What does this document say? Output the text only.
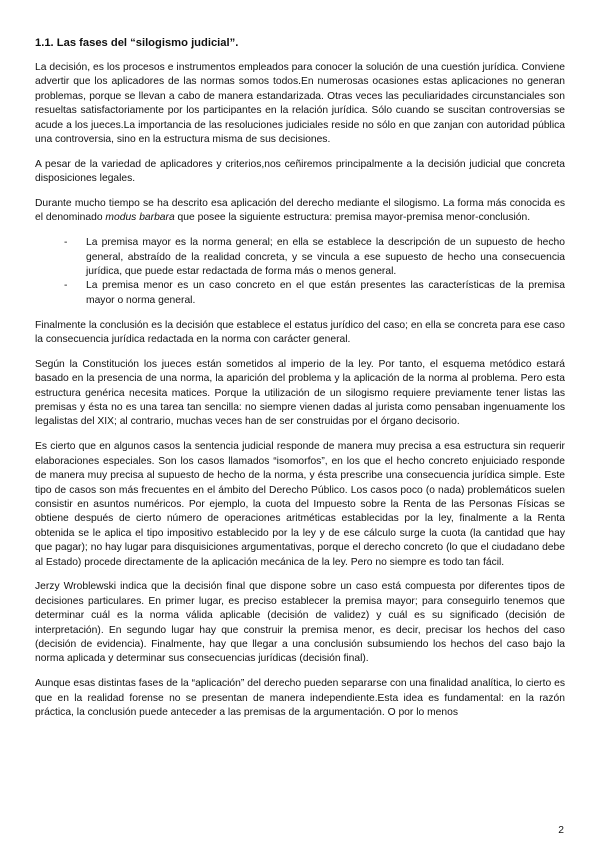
1.1. Las fases del “silogismo judicial”.

La decisión, es los procesos e instrumentos empleados para conocer la solución de una cuestión jurídica. Conviene advertir que los aplicadores de las normas somos todos.En numerosas ocasiones estas aplicaciones no generan problemas, porque se llevan a cabo de manera estandarizada. Otras veces las peculiaridades circunstanciales son resueltas satisfactoriamente por los participantes en la relación jurídica. Sólo cuando se suscitan controversias se acude a los jueces.La importancia de las resoluciones judiciales reside no sólo en que zanjan con autoridad pública una controversia, sino en la estructura misma de sus decisiones.

A pesar de la variedad de aplicadores y criterios,nos ceñiremos principalmente a la decisión judicial que concreta disposiciones legales.

Durante mucho tiempo se ha descrito esa aplicación del derecho mediante el silogismo. La forma más conocida es el denominado modus barbara que posee la siguiente estructura: premisa mayor-premisa menor-conclusión.

- La premisa mayor es la norma general; en ella se establece la descripción de un supuesto de hecho general, abstraído de la realidad concreta, y se vincula a ese supuesto de hecho una consecuencia jurídica, que puede estar redactada de forma más o menos general.
- La premisa menor es un caso concreto en el que están presentes las características de la premisa mayor o norma general.

Finalmente la conclusión es la decisión que establece el estatus jurídico del caso; en ella se concreta para ese caso la consecuencia jurídica redactada en la norma con carácter general.

Según la Constitución los jueces están sometidos al imperio de la ley. Por tanto, el esquema metódico estará basado en la presencia de una norma, la aparición del problema y la aplicación de la norma al problema. Pero esta estructura genérica necesita matices. Porque la utilización de un silogismo requiere previamente tener listas las premisas y ésta no es una tarea tan sencilla: no siempre vienen dadas al jurista como pensaban ingenuamente los legalistas del XIX; al contrario, muchas veces han de ser construidas por el órgano decisorio.

Es cierto que en algunos casos la sentencia judicial responde de manera muy precisa a esa estructura sin requerir elaboraciones especiales. Son los casos llamados “isomorfos”, en los que el hecho concreto enjuiciado responde de manera muy precisa al supuesto de hecho de la norma, y ésta prescribe una consecuencia jurídica simple. Este tipo de casos son más frecuentes en el ámbito del Derecho Público. Los casos poco (o nada) problemáticos suelen consistir en asuntos numéricos. Por ejemplo, la cuota del Impuesto sobre la Renta de las Personas Físicas se obtiene después de cierto número de operaciones aritméticas establecidas por la ley, finalmente a la Renta obtenida se le aplica el tipo impositivo establecido por la ley y de ese cálculo surge la cuota (la cantidad que hay que pagar); no hay lugar para disquisiciones argumentativas, porque el derecho concreto (lo que el ciudadano debe al Estado) procede directamente de la aplicación mecánica de la ley. Pero no siempre es todo tan fácil.

Jerzy Wroblewski indica que la decisión final que dispone sobre un caso está compuesta por diferentes tipos de decisiones particulares. En primer lugar, es preciso establecer la premisa mayor; para conseguirlo tenemos que determinar cuál es la norma válida aplicable (decisión de validez) y cuál es su significado (decisión de interpretación). En segundo lugar hay que construir la premisa menor, es decir, precisar los hechos del caso (decisión de evidencia). Finalmente, hay que llegar a una conclusión subsumiendo los hechos del caso bajo la norma aplicada y determinar sus consecuencias jurídicas (decisión final).

Aunque esas distintas fases de la “aplicación” del derecho pueden separarse con una finalidad analítica, lo cierto es que en la realidad forense no se presentan de manera independiente.Esta idea es fundamental: en la razón práctica, la conclusión puede anteceder a las premisas de la argumentación. O por lo menos

2
